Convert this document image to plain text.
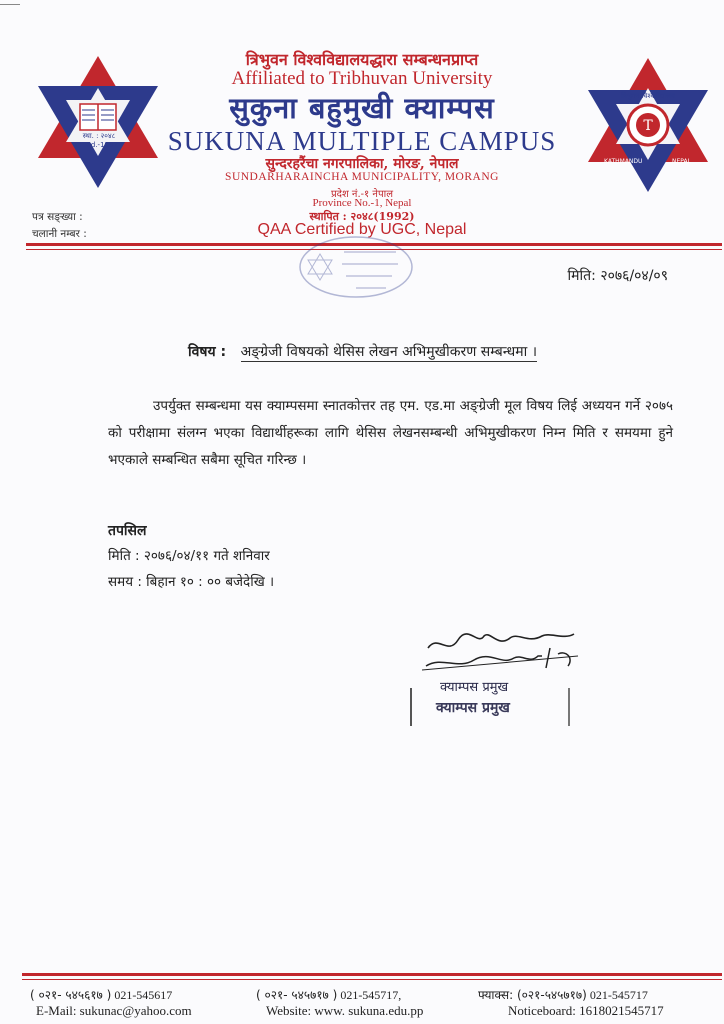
स्था. : २०४८
Estd.-1992
T
त्रिभुवन विश्वविद्यालय
KATHMANDU	NEPAL
त्रिभुवन विश्वविद्यालयद्धारा सम्बन्धनप्राप्त
Affiliated to Tribhuvan University
सुकुना बहुमुखी क्याम्पस
SUKUNA MULTIPLE CAMPUS
सुन्दरहरैंचा नगरपालिका, मोरङ, नेपाल
SUNDARHARAINCHA MUNICIPALITY, MORANG
प्रदेश नं.-१ नेपाल
Province No.-1, Nepal
स्थापित : २०४८(1992)
QAA Certified by UGC, Nepal
पत्र सङ्ख्या :
चलानी नम्बर :
मिति: २०७६/०४/०९
विषय : अङ्ग्रेजी विषयको थेसिस लेखन अभिमुखीकरण सम्बन्धमा ।
उपर्युक्त सम्बन्धमा यस क्याम्पसमा स्नातकोत्तर तह एम. एड.मा अङ्ग्रेजी मूल विषय लिई अध्ययन गर्ने २०७५ को परीक्षामा संलग्न भएका विद्यार्थीहरूका लागि थेसिस लेखनसम्बन्धी अभिमुखीकरण निम्न मिति र समयमा हुने भएकाले सम्बन्धित सबैमा सूचित गरिन्छ ।
तपसिल
मिति : २०७६/०४/११ गते शनिवार
समय : बिहान १० : ०० बजेदेखि ।
क्याम्पस प्रमुख
क्याम्पस प्रमुख
( ०२१- ५४५६१७ ) 021-545617	( ०२१- ५४५७१७ ) 021-545717,	फ्याक्स: (०२१-५४५७१७) 021-545717
E-Mail: sukunac@yahoo.com	Website: www. sukuna.edu.pp	Noticeboard: 1618021545717
